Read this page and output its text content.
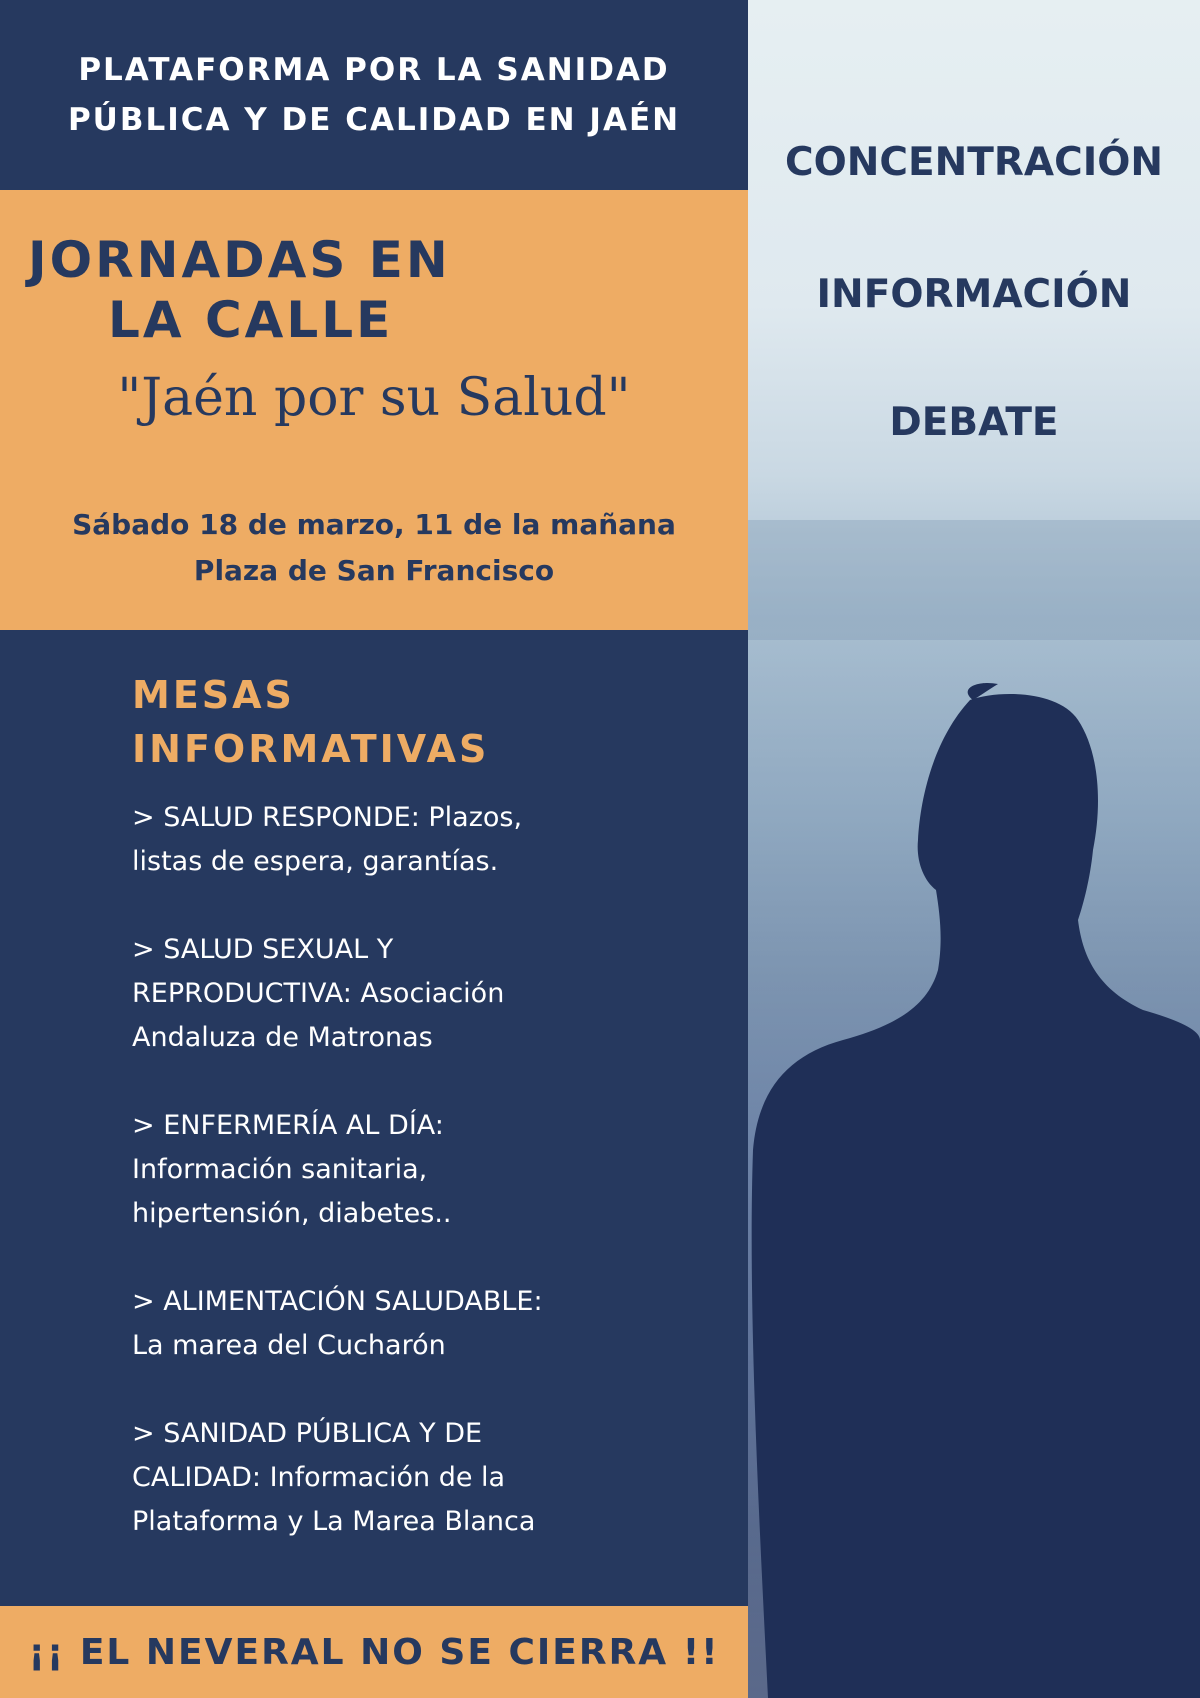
PLATAFORMA POR LA SANIDAD
PÚBLICA Y DE CALIDAD EN JAÉN
JORNADAS EN
LA CALLE
"Jaén por su Salud"
Sábado 18 de marzo, 11 de la mañana
Plaza de San Francisco
MESAS
INFORMATIVAS
> SALUD RESPONDE: Plazos,
listas de espera, garantías.
> SALUD SEXUAL Y
REPRODUCTIVA: Asociación
Andaluza de Matronas
> ENFERMERÍA AL DÍA:
Información sanitaria,
hipertensión, diabetes..
> ALIMENTACIÓN SALUDABLE:
La marea del Cucharón
> SANIDAD PÚBLICA Y DE
CALIDAD: Información de la
Plataforma y La Marea Blanca
¡¡ EL NEVERAL NO SE CIERRA !!
CONCENTRACIÓN
INFORMACIÓN
DEBATE
